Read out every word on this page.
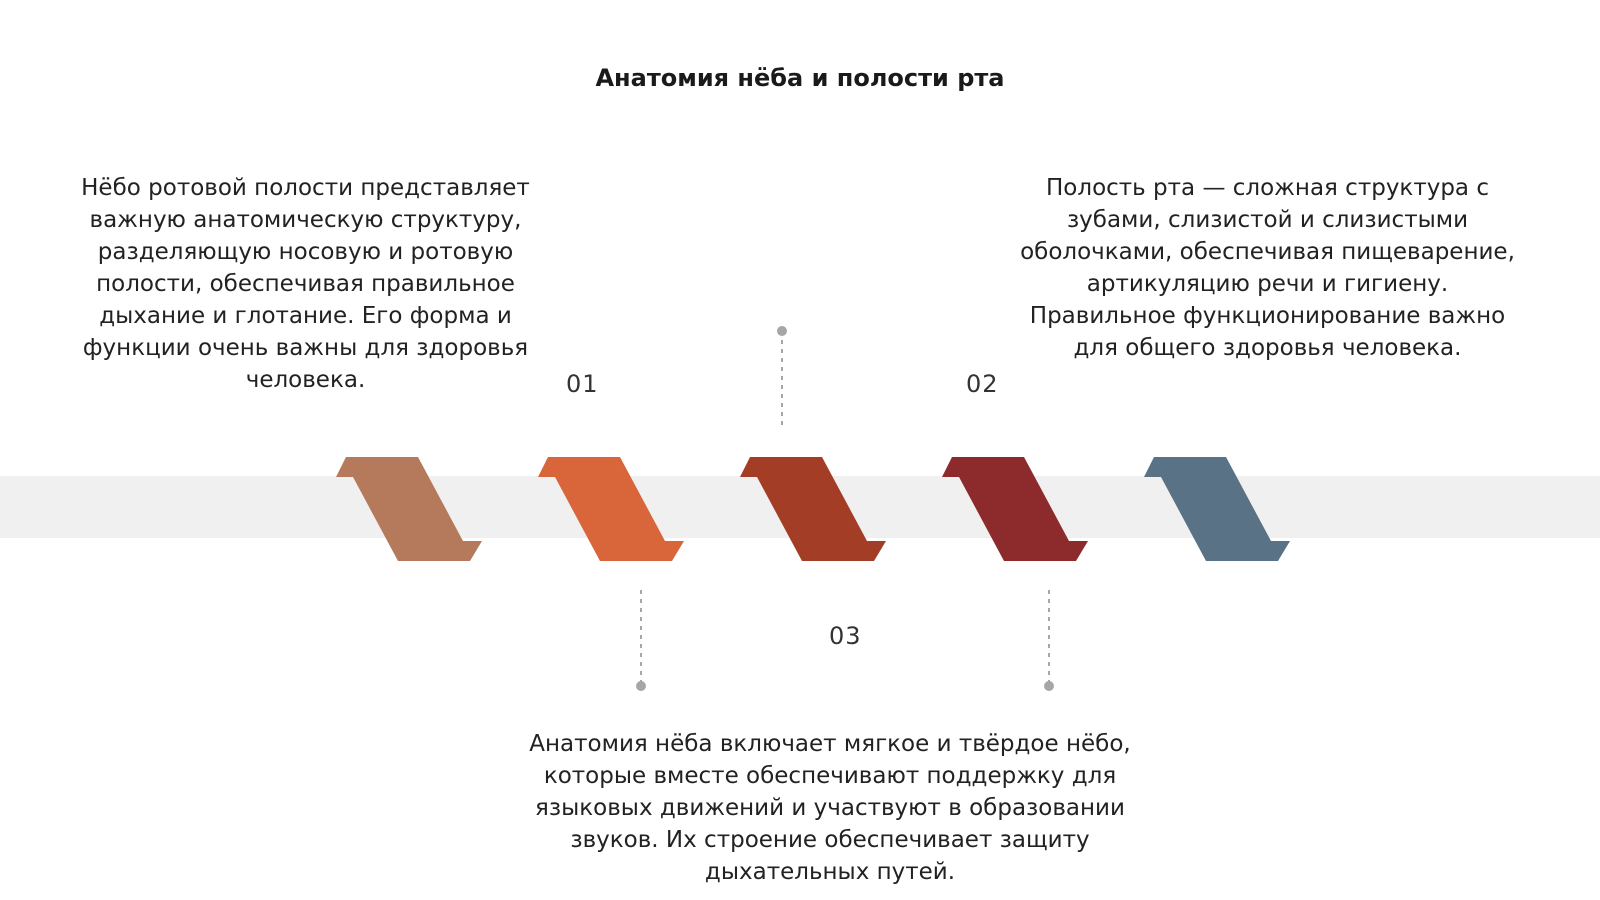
Анатомия нёба и полости рта

Нёбо ротовой полости представляет важную анатомическую структуру, разделяющую носовую и ротовую полости, обеспечивая правильное дыхание и глотание. Его форма и функции очень важны для здоровья человека.

Полость рта — сложная структура с зубами, слизистой и слизистыми оболочками, обеспечивая пищеварение, артикуляцию речи и гигиену. Правильное функционирование важно для общего здоровья человека.

Анатомия нёба включает мягкое и твёрдое нёбо, которые вместе обеспечивают поддержку для языковых движений и участвуют в образовании звуков. Их строение обеспечивает защиту дыхательных путей.

01	02
03
